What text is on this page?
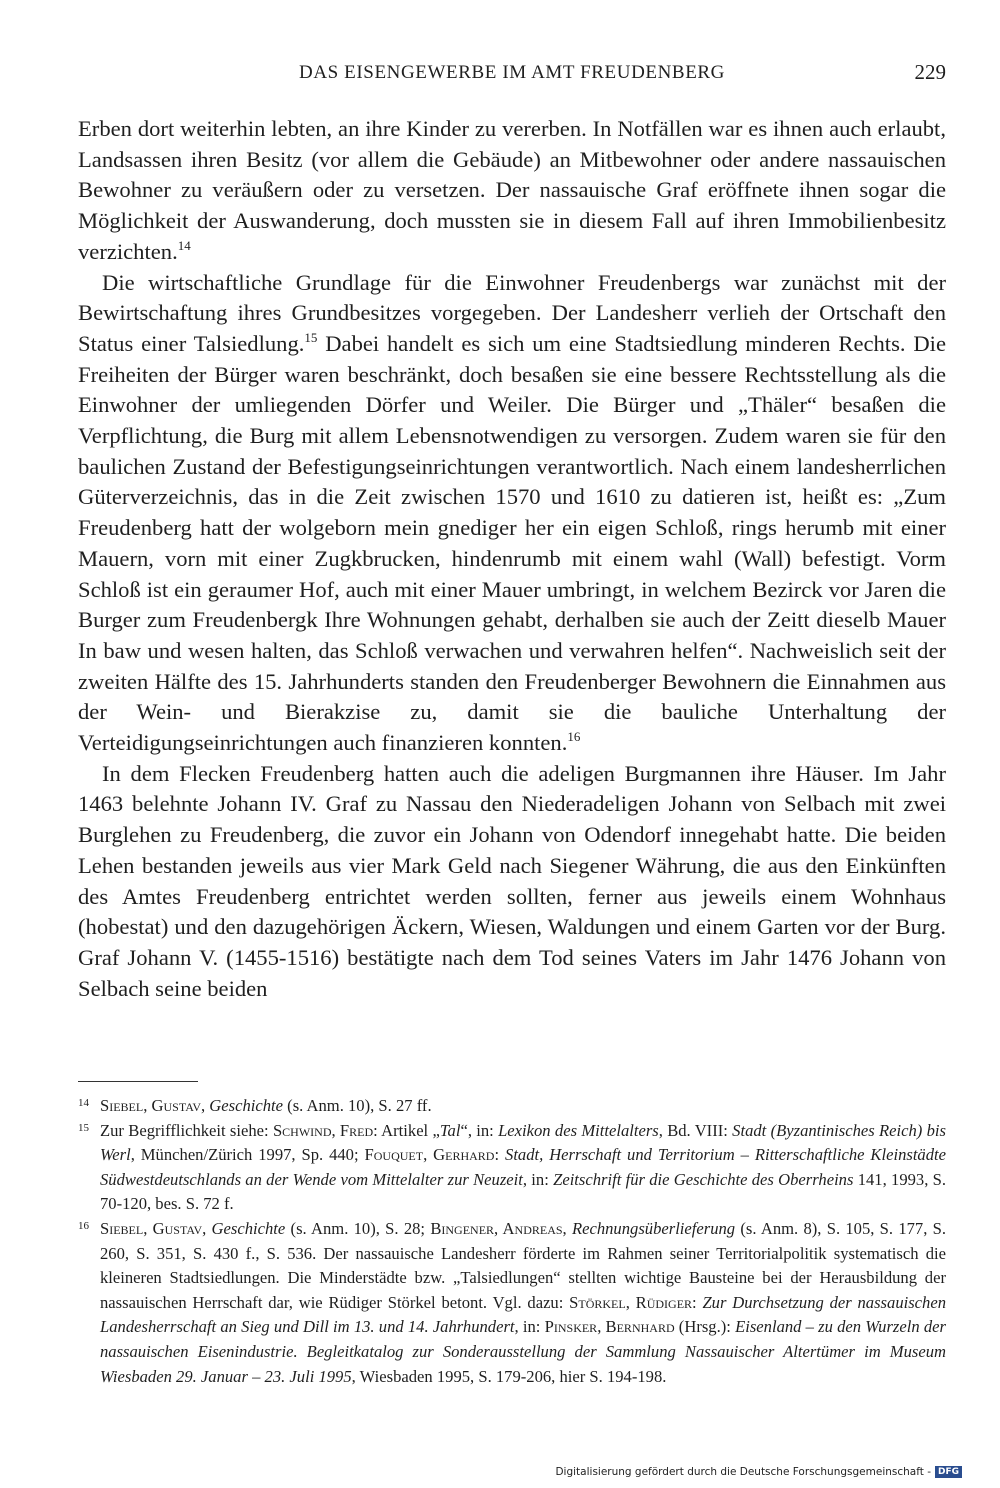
DAS EISENGEWERBE IM AMT FREUDENBERG	229

Erben dort weiterhin lebten, an ihre Kinder zu vererben. In Notfällen war es ihnen auch erlaubt, Landsassen ihren Besitz (vor allem die Gebäude) an Mitbewohner oder andere nassauischen Bewohner zu veräußern oder zu versetzen. Der nassauische Graf eröffnete ihnen sogar die Möglichkeit der Auswanderung, doch mussten sie in diesem Fall auf ihren Immobilienbesitz verzichten.$^{14}$

Die wirtschaftliche Grundlage für die Einwohner Freudenbergs war zunächst mit der Bewirtschaftung ihres Grundbesitzes vorgegeben. Der Landesherr verlieh der Ortschaft den Status einer Talsiedlung.$^{15}$ Dabei handelt es sich um eine Stadtsiedlung minderen Rechts. Die Freiheiten der Bürger waren beschränkt, doch besaßen sie eine bessere Rechtsstellung als die Einwohner der umliegenden Dörfer und Weiler. Die Bürger und „Thäler“ besaßen die Verpflichtung, die Burg mit allem Lebensnotwendigen zu versorgen. Zudem waren sie für den baulichen Zustand der Befestigungseinrichtungen verantwortlich. Nach einem landesherrlichen Güterverzeichnis, das in die Zeit zwischen 1570 und 1610 zu datieren ist, heißt es: „Zum Freudenberg hatt der wolgeborn mein gnediger her ein eigen Schloß, rings herumb mit einer Mauern, vorn mit einer Zugkbrucken, hindenrumb mit einem wahl (Wall) befestigt. Vorm Schloß ist ein geraumer Hof, auch mit einer Mauer umbringt, in welchem Bezirck vor Jaren die Burger zum Freudenbergk Ihre Wohnungen gehabt, derhalben sie auch der Zeitt dieselb Mauer In baw und wesen halten, das Schloß verwachen und verwahren helfen“. Nachweislich seit der zweiten Hälfte des 15. Jahrhunderts standen den Freudenberger Bewohnern die Einnahmen aus der Wein- und Bierakzise zu, damit sie die bauliche Unterhaltung der Verteidigungseinrichtungen auch finanzieren konnten.$^{16}$

In dem Flecken Freudenberg hatten auch die adeligen Burgmannen ihre Häuser. Im Jahr 1463 belehnte Johann IV. Graf zu Nassau den Niederadeligen Johann von Selbach mit zwei Burglehen zu Freudenberg, die zuvor ein Johann von Odendorf innegehabt hatte. Die beiden Lehen bestanden jeweils aus vier Mark Geld nach Siegener Währung, die aus den Einkünften des Amtes Freudenberg entrichtet werden sollten, ferner aus jeweils einem Wohnhaus (hobestat) und den dazugehörigen Äckern, Wiesen, Waldungen und einem Garten vor der Burg. Graf Johann V. (1455-1516) bestätigte nach dem Tod seines Vaters im Jahr 1476 Johann von Selbach seine beiden

14 Siebel, Gustav, Geschichte (s. Anm. 10), S. 27 ff.

15 Zur Begrifflichkeit siehe: Schwind, Fred: Artikel „Tal“, in: Lexikon des Mittelalters, Bd. VIII: Stadt (Byzantinisches Reich) bis Werl, München/Zürich 1997, Sp. 440; Fouquet, Gerhard: Stadt, Herrschaft und Territorium – Ritterschaftliche Kleinstädte Südwestdeutschlands an der Wende vom Mittelalter zur Neuzeit, in: Zeitschrift für die Geschichte des Oberrheins 141, 1993, S. 70-120, bes. S. 72 f.

16 Siebel, Gustav, Geschichte (s. Anm. 10), S. 28; Bingener, Andreas, Rechnungsüberlieferung (s. Anm. 8), S. 105, S. 177, S. 260, S. 351, S. 430 f., S. 536. Der nassauische Landesherr förderte im Rahmen seiner Territorialpolitik systematisch die kleineren Stadtsiedlungen. Die Minderstädte bzw. „Talsiedlungen“ stellten wichtige Bausteine bei der Herausbildung der nassauischen Herrschaft dar, wie Rüdiger Störkel betont. Vgl. dazu: Störkel, Rüdiger: Zur Durchsetzung der nassauischen Landesherrschaft an Sieg und Dill im 13. und 14. Jahrhundert, in: Pinsker, Bernhard (Hrsg.): Eisenland – zu den Wurzeln der nassauischen Eisenindustrie. Begleitkatalog zur Sonderausstellung der Sammlung Nassauischer Altertümer im Museum Wiesbaden 29. Januar – 23. Juli 1995, Wiesbaden 1995, S. 179-206, hier S. 194-198.

Digitalisierung gefördert durch die Deutsche Forschungsgemeinschaft - DFG
